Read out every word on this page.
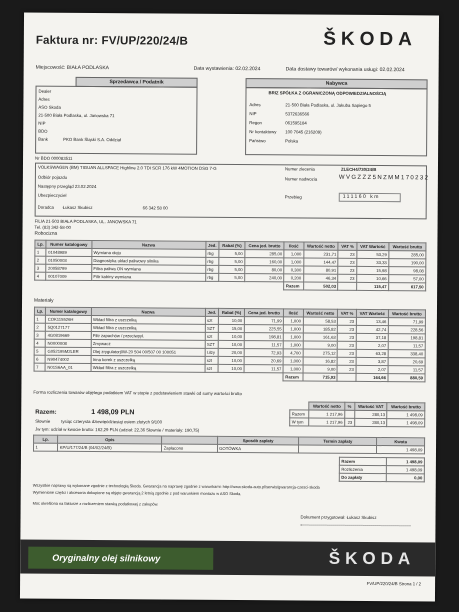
Faktura nr: FV/UP/220/24/B	ŠKODA
Miejscowość: BIAŁA PODLASKA	Data wystawienia: 02.02.2024	Data dostawy towarów/ wykonania usługi: 02.02.2024
Sprzedawca / Podatnik
Dealer
Adres
ASO Skoda
21-500 Biała Podlaska, ul. Janowska 71
NIP
BDO
Bank	PKO Bank Śląski S.A. Oddział
Nr BDO 000083511
Nabywca
BRIZ SPÓŁKA Z OGRANICZONĄ ODPOWIEDZIALNOŚCIĄ
Adres	21-500 Biała Podlaska, ul. Jakuba Sapiego 5
NIP	5372636566
Regon	061595184
Nr kontaktowy 100 7045 (216209)
Państwo	Polska
VOLKSWAGEN (BM) TIGUAN ALLSPACE Highline 2.0 TDI SCR 176 kW 4MOTION DSG 7-G	Numer zlecenia	ZLECH4/730/24/B
Odbiór pojazdu
Następny przegląd 23.02.2024
Ubezpieczyciel
Numer nadwozia	WVGZZZ5NZMM170232
Przebieg	111160 km
Doradca Łukasz Skubisz	66 342 58 00
FILIA 21-503 BIAŁA PODLASKA, UL. JANOWSKA 71
Tel. (83) 342-58-00
Robocizna
Lp.	Numer katalogowy	Nazwa	Jed.	Rabat (%)	Cena jed. brutto	Ilość	Wartość netto	VAT %	VAT Wartość	Wartość brutto
1	01048989	Wymiana oleju	rbg	5,00	285,00	1,000	231,71	23	53,29	285,00
2	01050003	Diagnostyka układ paliwowy silnika	rbg	5,00	160,00	1,000	144,47	23	33,33	190,00
3	20058799	Filtra paliwa ON wymiana	rbg	5,00	80,00	0,300	80,91	23	15,98	98,08
4	00107009	Filtr kabiny wymiana	rbg	5,00	240,00	0,200	46,34	23	10,66	57,00
						Razem	502,03		115,47	617,50
Materiały
Lp.	Numer katalogowy	Nazwa	Jed.	Rabat (%)	Cena jed. brutto	Ilość	Wartość netto	VAT %	VAT Wartość	Wartość brutto
1	COK115526H	Wkład filtra z uszczelką	szt	10,00	71,99	1,000	58,53	23	13,46	71,99
2	5Q0127177	Wkład filtra z uszczelką	SZT	15,00	225,55	1,000	185,82	23	42,74	228,56
3	4G0819669	Filtr zapachów / przeciwpył.	szt	10,00	198,81	1,000	161,63	23	37,18	198,81
4	N0000008	Zmywacz	SZT	10,00	11,57	1,000	9,00	23	2,07	11,57
5	G052195M2LER	Olej zrygulatorj0W-20 504 00/507 00 100051	l.ilzy	20,00	72,93	4,700	275,12	23	63,28	338,40
6	N90474002	Inna korek z uszczelką	szt	10,00	20,69	1,000	16,82	23	3,87	20,69
7	N01S6AA_01	Wkład filtra z uszczelką	szt	10,00	11,57	1,000	9,00	23	2,07	11,57
						Razem	715,93		164,66	880,59
Forma rozliczenia towarów objętego podatkiem VAT w stopie z podstawieniem stawki od sumy wartości brutto
	Wartość netto	%	Wartość VAT	Wartość brutto
Razem	1 217,96		280,13	1 498,09
W tym	1 217,96	23	280,13	1 498,09
Razem:	1 498,09 PLN
Słownie	tysiąc czterysta dziewięćdziesiąt osiem złotych 9/100
Jw tym: udział w kwocie brutto: 162,29 PLN (udział: 22,36 Słownie / materiały: 190,75)
Lp.	Opis		Sposób zapłaty	Termin zapłaty	Kwota
1	KP/U/177/24/B (04/02/24/B)	Zapłacono	GOTÓWKA		1 498,09
Razem	1 498,09
Rozliczenia	1 498,09
Do zapłaty	0,00
Wszystkie naprawy są wykonane zgodnie z technologią Skoda. Gwarancja na naprawę zgodnie z warunkami: http://www.skoda-auto.pl/serwis/gwarancja-czesci-skoda
Wymienione części i akcesoria dokupione są objęte gwarancją 2 letnią zgodnie z pod warunkiem montażu w ASO Skoda.
Moc określona na fakturze z rozliczeniem stawką podatkowej z zakupów.
Dokument przygotował: Łukasz Skubisz
Oryginalny olej silnikowy	ŠKODA
FV/UP/220/24/B Strona 1 / 2
